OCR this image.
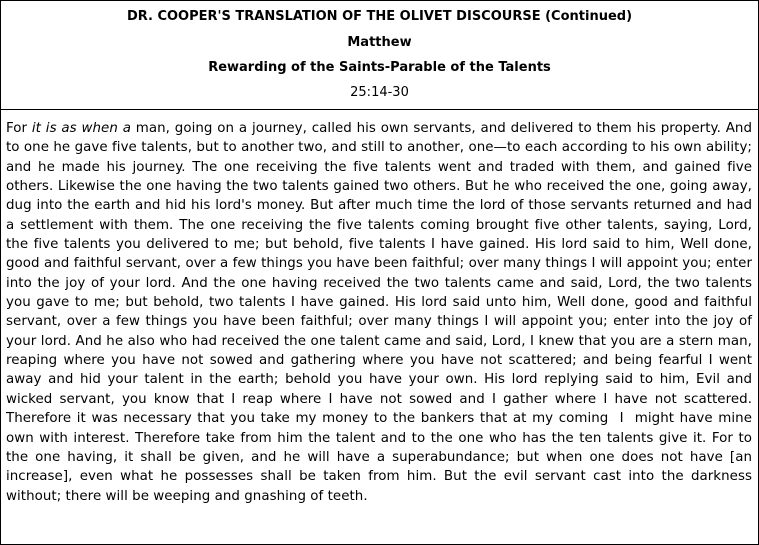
DR. COOPER'S TRANSLATION OF THE OLIVET DISCOURSE (Continued)
Matthew
Rewarding of the Saints-Parable of the Talents
25:14-30
For it is as when a man, going on a journey, called his own servants, and delivered to them his property. And to one he gave five talents, but to another two, and still to another, one—to each according to his own ability; and he made his journey. The one receiving the five talents went and traded with them, and gained five others. Likewise the one having the two talents gained two others. But he who received the one, going away, dug into the earth and hid his lord's money. But after much time the lord of those servants returned and had a settlement with them. The one receiving the five talents coming brought five other talents, saying, Lord, the five talents you delivered to me; but behold, five talents I have gained. His lord said to him, Well done, good and faithful servant, over a few things you have been faithful; over many things I will appoint you; enter into the joy of your lord. And the one having received the two talents came and said, Lord, the two talents you gave to me; but behold, two talents I have gained. His lord said unto him, Well done, good and faithful servant, over a few things you have been faithful; over many things I will appoint you; enter into the joy of your lord. And he also who had received the one talent came and said, Lord, I knew that you are a stern man, reaping where you have not sowed and gathering where you have not scattered; and being fearful I went away and hid your talent in the earth; behold you have your own. His lord replying said to him, Evil and wicked servant, you know that I reap where I have not sowed and I gather where I have not scattered. Therefore it was necessary that you take my money to the bankers that at my coming  I  might have mine own with interest. Therefore take from him the talent and to the one who has the ten talents give it. For to the one having, it shall be given, and he will have a superabundance; but when one does not have [an increase], even what he possesses shall be taken from him. But the evil servant cast into the darkness without; there will be weeping and gnashing of teeth.
